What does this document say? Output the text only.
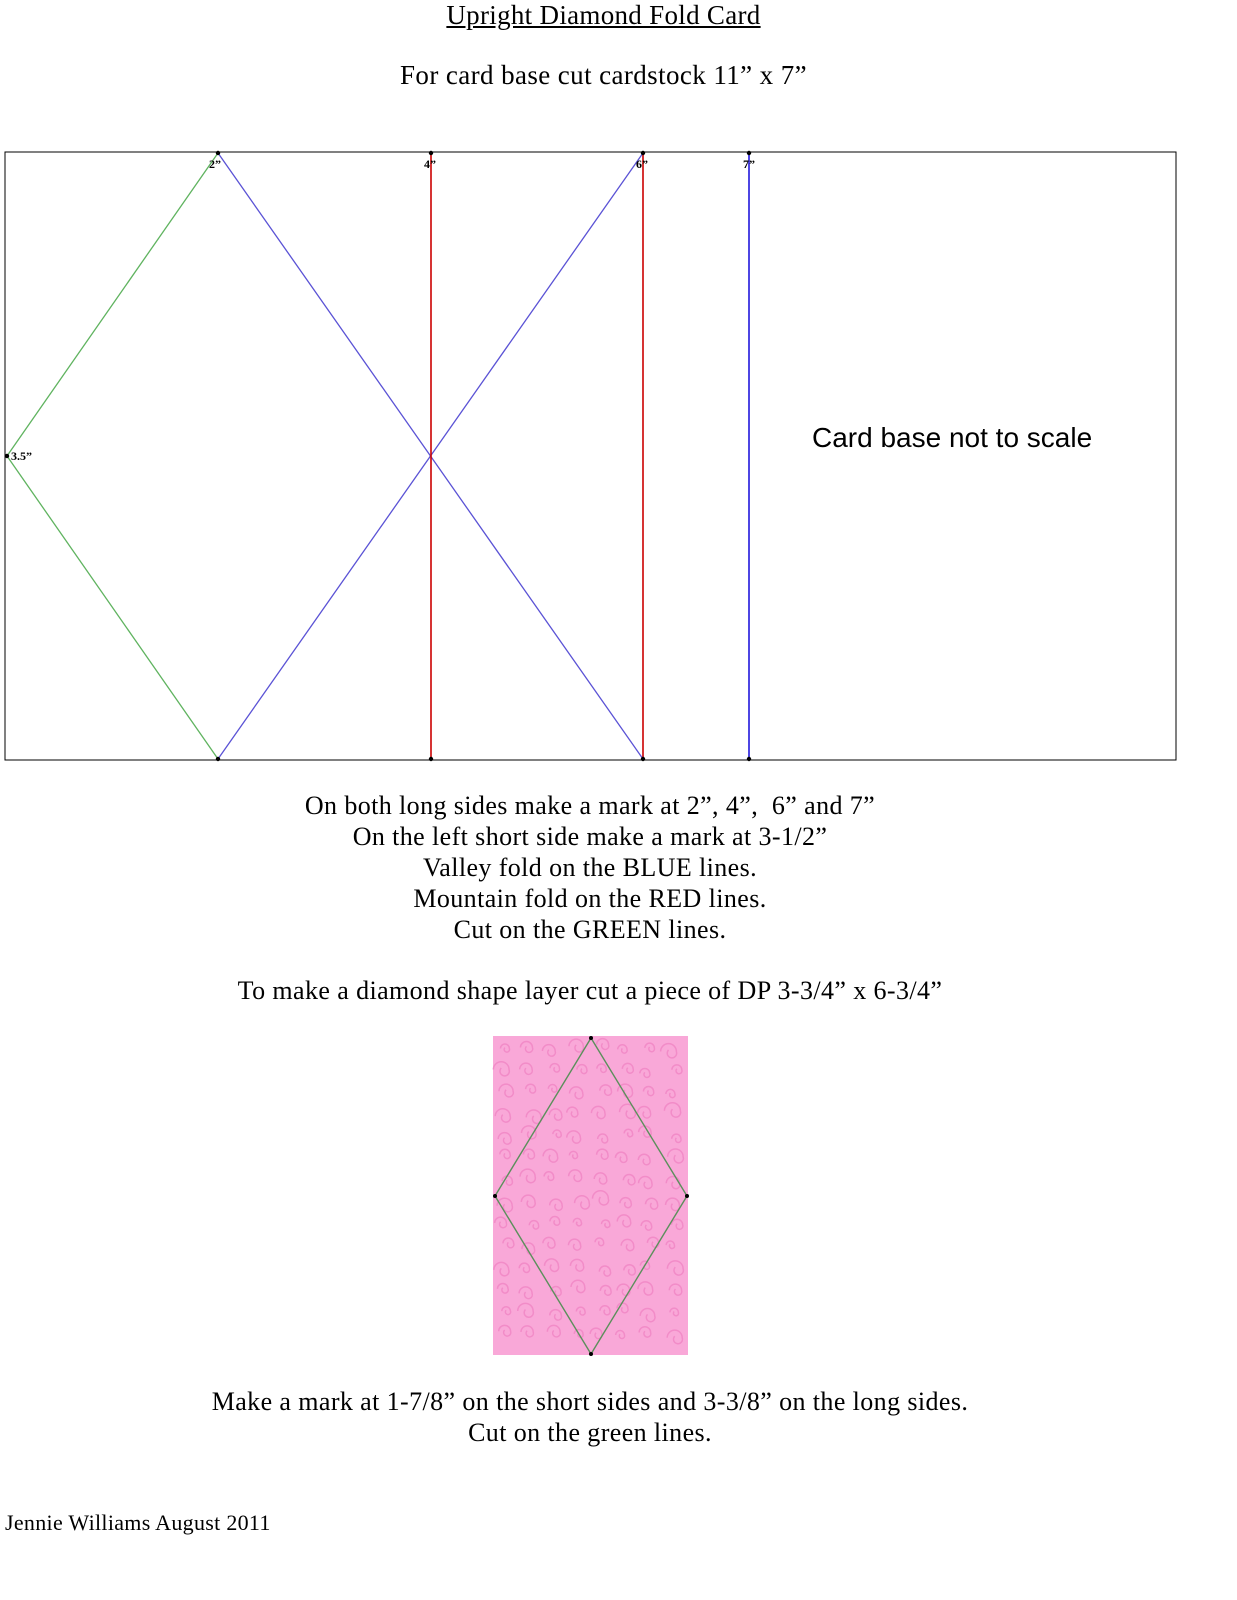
Upright Diamond Fold Card
For card base cut cardstock 11” x 7”
2”	4”	6”	7”
3.5”
Card base not to scale
On both long sides make a mark at 2”, 4”,  6” and 7”
On the left short side make a mark at 3-1/2”
Valley fold on the BLUE lines.
Mountain fold on the RED lines.
Cut on the GREEN lines.
To make a diamond shape layer cut a piece of DP 3-3/4” x 6-3/4”
Make a mark at 1-7/8” on the short sides and 3-3/8” on the long sides.
Cut on the green lines.
Jennie Williams August 2011
